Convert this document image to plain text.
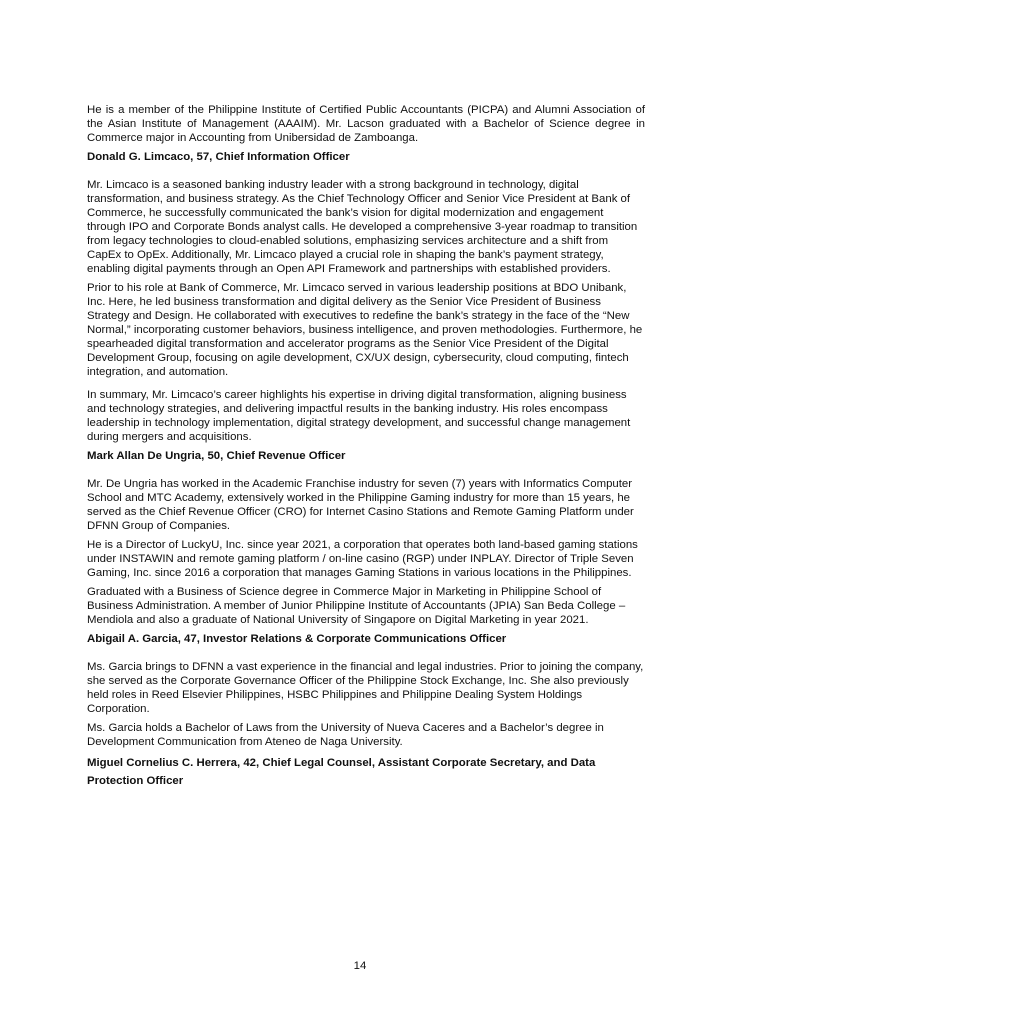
He is a member of the Philippine Institute of Certified Public Accountants (PICPA) and Alumni Association of the Asian Institute of Management (AAAIM). Mr. Lacson graduated with a Bachelor of Science degree in Commerce major in Accounting from Unibersidad de Zamboanga.

Donald G. Limcaco, 57, Chief Information Officer

Mr. Limcaco is a seasoned banking industry leader with a strong background in technology, digital transformation, and business strategy. As the Chief Technology Officer and Senior Vice President at Bank of Commerce, he successfully communicated the bank’s vision for digital modernization and engagement through IPO and Corporate Bonds analyst calls. He developed a comprehensive 3-year roadmap to transition from legacy technologies to cloud-enabled solutions, emphasizing services architecture and a shift from CapEx to OpEx. Additionally, Mr. Limcaco played a crucial role in shaping the bank’s payment strategy, enabling digital payments through an Open API Framework and partnerships with established providers.

Prior to his role at Bank of Commerce, Mr. Limcaco served in various leadership positions at BDO Unibank, Inc. Here, he led business transformation and digital delivery as the Senior Vice President of Business Strategy and Design. He collaborated with executives to redefine the bank’s strategy in the face of the “New Normal,” incorporating customer behaviors, business intelligence, and proven methodologies. Furthermore, he spearheaded digital transformation and accelerator programs as the Senior Vice President of the Digital Development Group, focusing on agile development, CX/UX design, cybersecurity, cloud computing, fintech integration, and automation.

In summary, Mr. Limcaco’s career highlights his expertise in driving digital transformation, aligning business and technology strategies, and delivering impactful results in the banking industry. His roles encompass leadership in technology implementation, digital strategy development, and successful change management during mergers and acquisitions.

Mark Allan De Ungria, 50, Chief Revenue Officer

Mr. De Ungria has worked in the Academic Franchise industry for seven (7) years with Informatics Computer School and MTC Academy, extensively worked in the Philippine Gaming industry for more than 15 years, he served as the Chief Revenue Officer (CRO) for Internet Casino Stations and Remote Gaming Platform under DFNN Group of Companies.

He is a Director of LuckyU, Inc. since year 2021, a corporation that operates both land-based gaming stations under INSTAWIN and remote gaming platform / on-line casino (RGP) under INPLAY. Director of Triple Seven Gaming, Inc. since 2016 a corporation that manages Gaming Stations in various locations in the Philippines.

Graduated with a Business of Science degree in Commerce Major in Marketing in Philippine School of Business Administration. A member of Junior Philippine Institute of Accountants (JPIA) San Beda College – Mendiola and also a graduate of National University of Singapore on Digital Marketing in year 2021.

Abigail A. Garcia, 47, Investor Relations & Corporate Communications Officer

Ms. Garcia brings to DFNN a vast experience in the financial and legal industries. Prior to joining the company, she served as the Corporate Governance Officer of the Philippine Stock Exchange, Inc. She also previously held roles in Reed Elsevier Philippines, HSBC Philippines and Philippine Dealing System Holdings Corporation.

Ms. Garcia holds a Bachelor of Laws from the University of Nueva Caceres and a Bachelor’s degree in Development Communication from Ateneo de Naga University.

Miguel Cornelius C. Herrera, 42, Chief Legal Counsel, Assistant Corporate Secretary, and Data Protection Officer

14
